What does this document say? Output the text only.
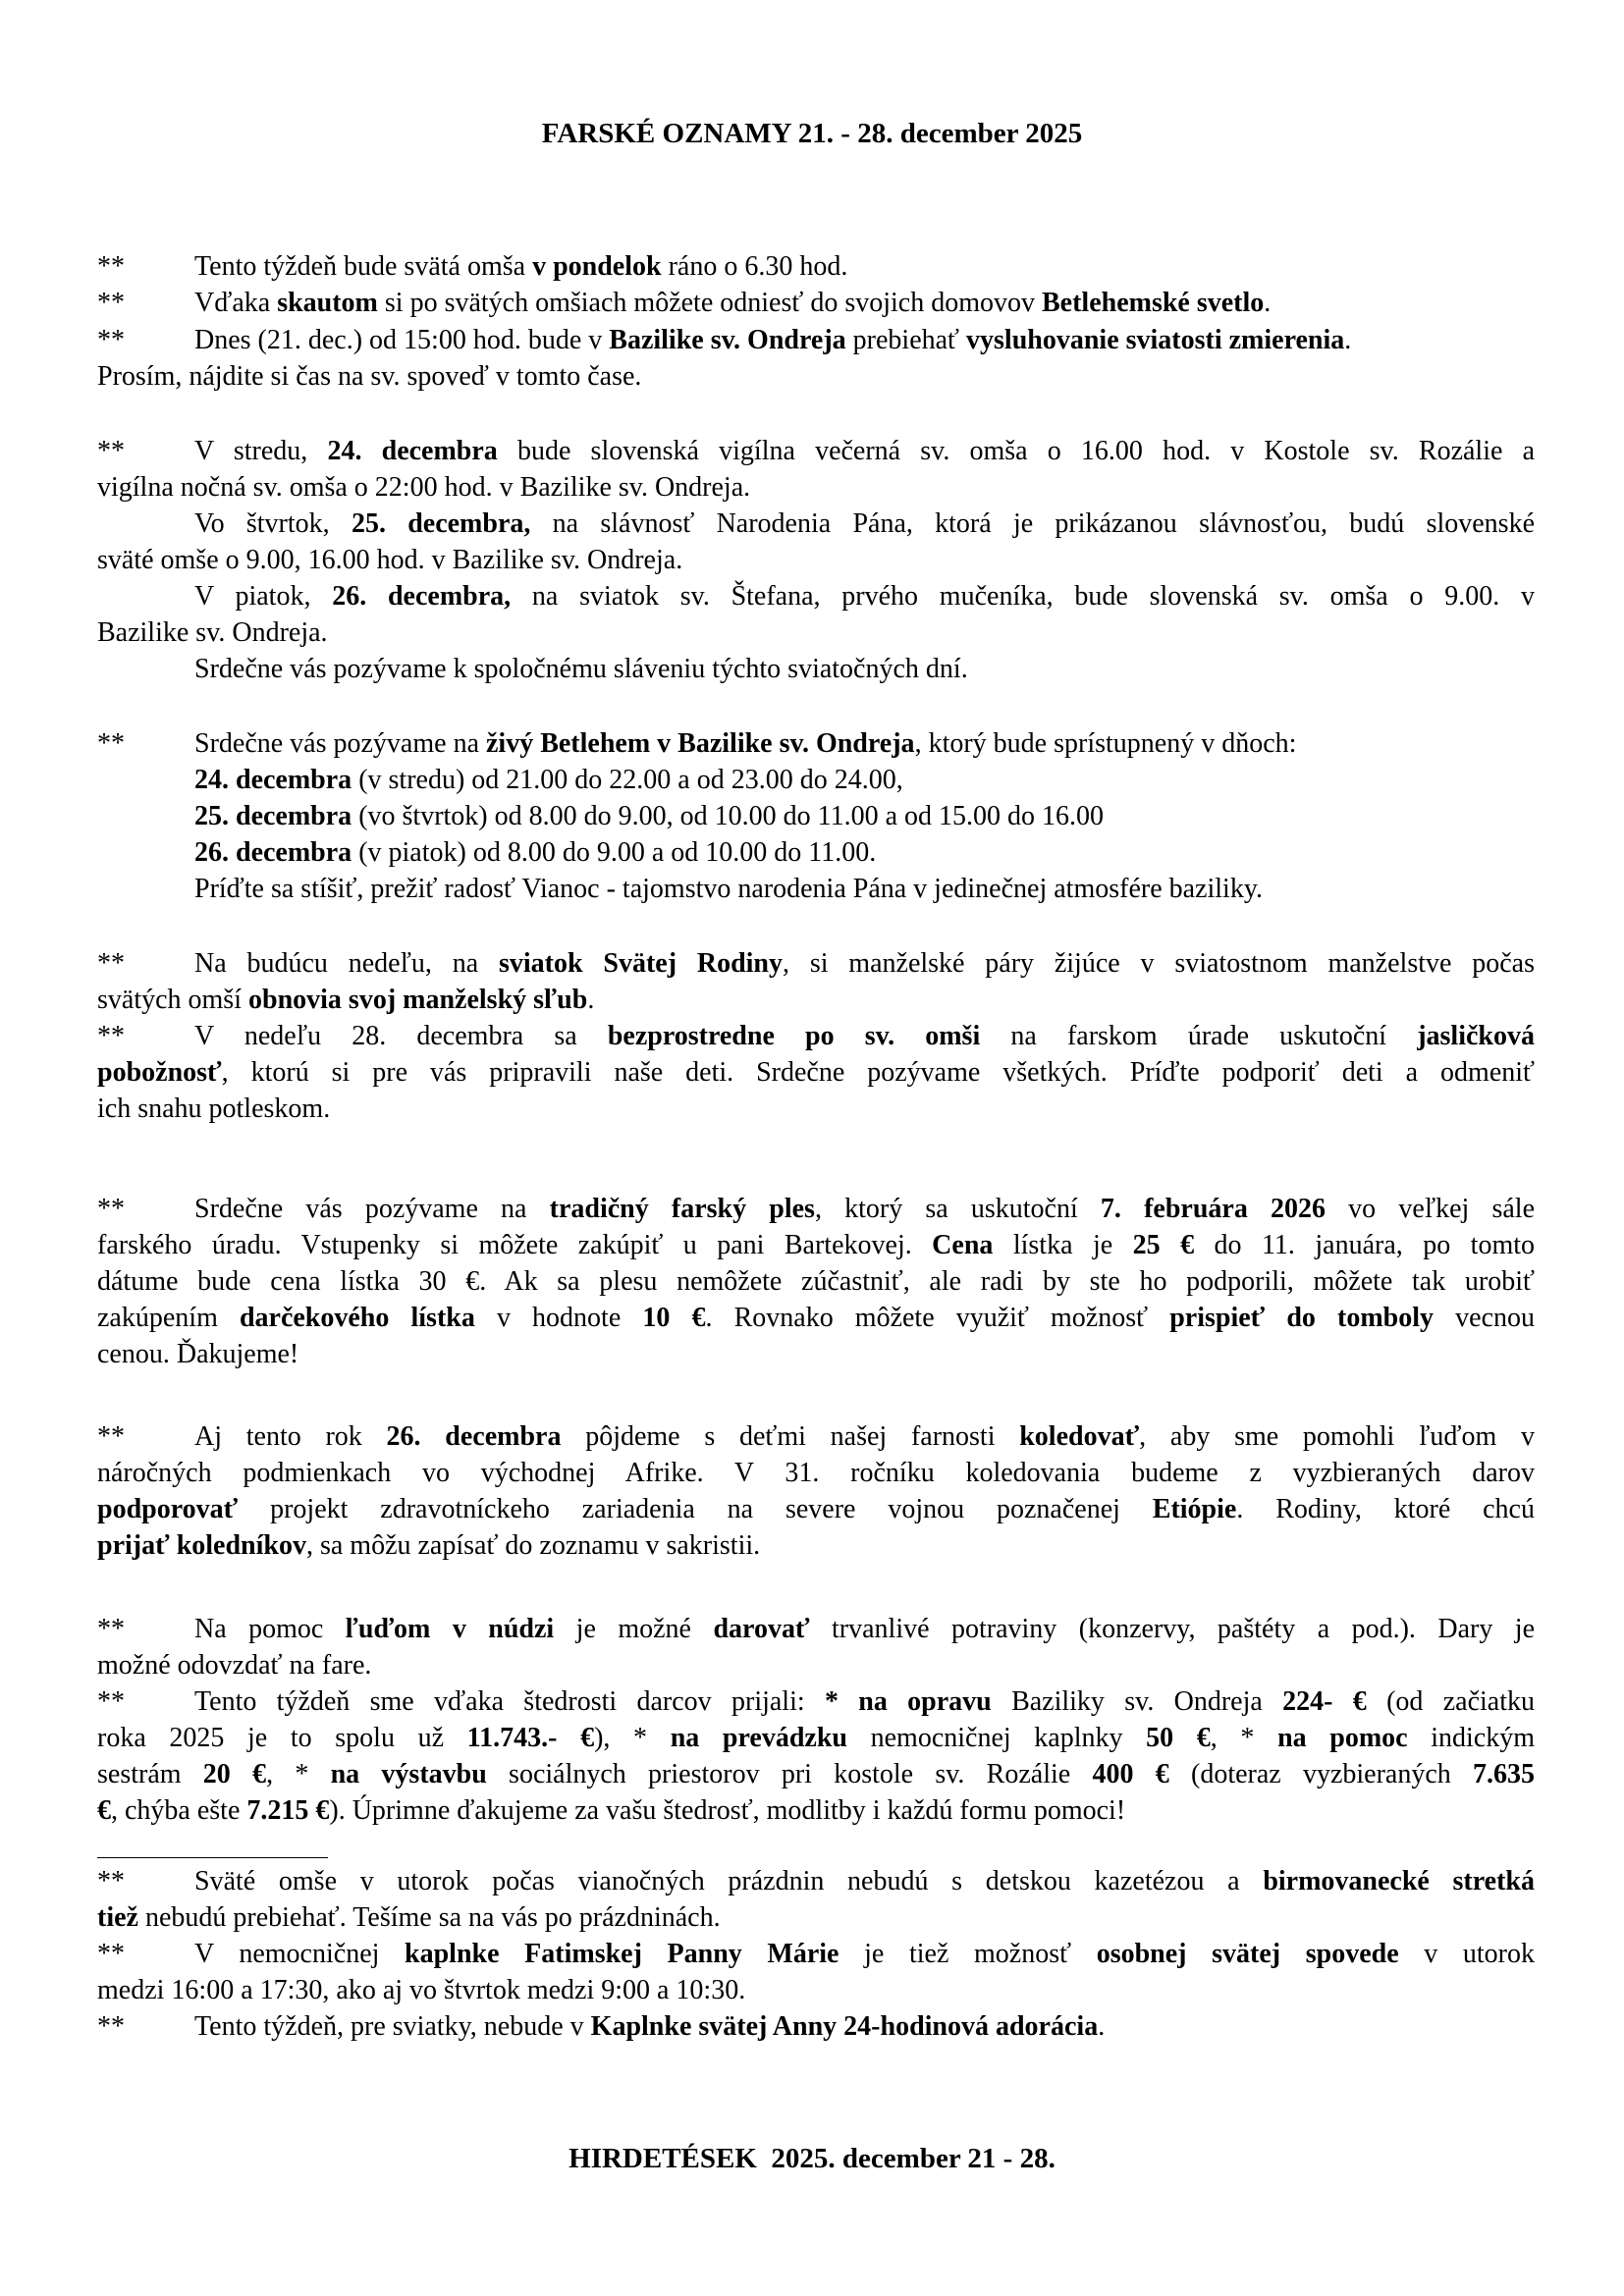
FARSKÉ OZNAMY 21. - 28. december 2025
**	Tento týždeň bude svätá omša v pondelok ráno o 6.30 hod.
**	Vďaka skautom si po svätých omšiach môžete odniesť do svojich domovov Betlehemské svetlo.
**	Dnes (21. dec.) od 15:00 hod. bude v Bazilike sv. Ondreja prebiehať vysluhovanie sviatosti zmierenia.
Prosím, nájdite si čas na sv. spoveď v tomto čase.
**	V stredu, 24. decembra bude slovenská vigílna večerná sv. omša o 16.00 hod. v Kostole sv. Rozálie a
vigílna nočná sv. omša o 22:00 hod. v Bazilike sv. Ondreja.
Vo štvrtok, 25. decembra, na slávnosť Narodenia Pána, ktorá je prikázanou slávnosťou, budú slovenské
sväté omše o 9.00, 16.00 hod. v Bazilike sv. Ondreja.
V piatok, 26. decembra, na sviatok sv. Štefana, prvého mučeníka, bude slovenská sv. omša o 9.00. v
Bazilike sv. Ondreja.
Srdečne vás pozývame k spoločnému sláveniu týchto sviatočných dní.
**	Srdečne vás pozývame na živý Betlehem v Bazilike sv. Ondreja, ktorý bude sprístupnený v dňoch:
24. decembra (v stredu) od 21.00 do 22.00 a od 23.00 do 24.00,
25. decembra (vo štvrtok) od 8.00 do 9.00, od 10.00 do 11.00 a od 15.00 do 16.00
26. decembra (v piatok) od 8.00 do 9.00 a od 10.00 do 11.00.
Príďte sa stíšiť, prežiť radosť Vianoc - tajomstvo narodenia Pána v jedinečnej atmosfére baziliky.
**	Na budúcu nedeľu, na sviatok Svätej Rodiny, si manželské páry žijúce v sviatostnom manželstve počas
svätých omší obnovia svoj manželský sľub.
**	V nedeľu 28. decembra sa bezprostredne po sv. omši na farskom úrade uskutoční jasličková
pobožnosť, ktorú si pre vás pripravili naše deti. Srdečne pozývame všetkých. Príďte podporiť deti a odmeniť
ich snahu potleskom.
**	Srdečne vás pozývame na tradičný farský ples, ktorý sa uskutoční 7. februára 2026 vo veľkej sále
farského úradu. Vstupenky si môžete zakúpiť u pani Bartekovej. Cena lístka je 25 € do 11. januára, po tomto
dátume bude cena lístka 30 €. Ak sa plesu nemôžete zúčastniť, ale radi by ste ho podporili, môžete tak urobiť
zakúpením darčekového lístka v hodnote 10 €. Rovnako môžete využiť možnosť prispieť do tomboly vecnou
cenou. Ďakujeme!
**	Aj tento rok 26. decembra pôjdeme s deťmi našej farnosti koledovať, aby sme pomohli ľuďom v
náročných podmienkach vo východnej Afrike. V 31. ročníku koledovania budeme z vyzbieraných darov
podporovať projekt zdravotníckeho zariadenia na severe vojnou poznačenej Etiópie. Rodiny, ktoré chcú
prijať koledníkov, sa môžu zapísať do zoznamu v sakristii.
**	Na pomoc ľuďom v núdzi je možné darovať trvanlivé potraviny (konzervy, paštéty a pod.). Dary je
možné odovzdať na fare.
**	Tento týždeň sme vďaka štedrosti darcov prijali: * na opravu Baziliky sv. Ondreja 224- € (od začiatku
roka 2025 je to spolu už 11.743.- €), * na prevádzku nemocničnej kaplnky 50 €, * na pomoc indickým
sestrám 20 €, * na výstavbu sociálnych priestorov pri kostole sv. Rozálie 400 € (doteraz vyzbieraných 7.635
€, chýba ešte 7.215 €). Úprimne ďakujeme za vašu štedrosť, modlitby i každú formu pomoci!
**	Sväté omše v utorok počas vianočných prázdnin nebudú s detskou kazetézou a birmovanecké stretká
tiež nebudú prebiehať. Tešíme sa na vás po prázdninách.
**	V nemocničnej kaplnke Fatimskej Panny Márie je tiež možnosť osobnej svätej spovede v utorok
medzi 16:00 a 17:30, ako aj vo štvrtok medzi 9:00 a 10:30.
**	Tento týždeň, pre sviatky, nebude v Kaplnke svätej Anny 24-hodinová adorácia.
HIRDETÉSEK  2025. december 21 - 28.
